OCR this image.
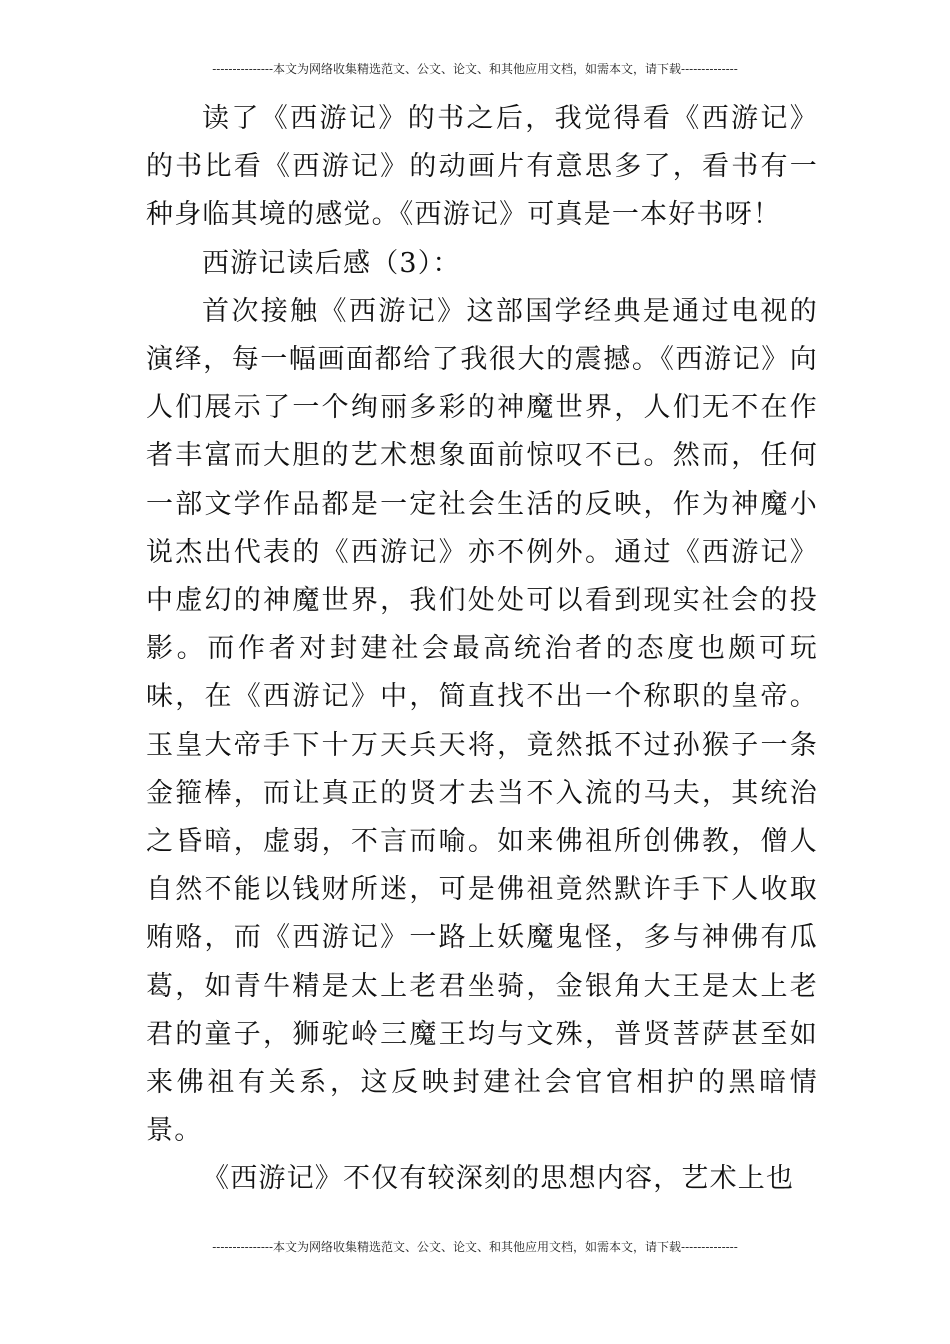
---------------本文为网络收集精选范文、公文、论文、和其他应用文档，如需本文，请下载--------------

读了《西游记》的书之后，我觉得看《西游记》的书比看《西游记》的动画片有意思多了，看书有一种身临其境的感觉。《西游记》可真是一本好书呀！

西游记读后感（3）：

首次接触《西游记》这部国学经典是通过电视的演绎，每一幅画面都给了我很大的震撼。《西游记》向人们展示了一个绚丽多彩的神魔世界，人们无不在作者丰富而大胆的艺术想象面前惊叹不已。然而，任何一部文学作品都是一定社会生活的反映，作为神魔小说杰出代表的《西游记》亦不例外。通过《西游记》中虚幻的神魔世界，我们处处可以看到现实社会的投影。而作者对封建社会最高统治者的态度也颇可玩味，在《西游记》中，简直找不出一个称职的皇帝。玉皇大帝手下十万天兵天将，竟然抵不过孙猴子一条金箍棒，而让真正的贤才去当不入流的马夫，其统治之昏暗，虚弱，不言而喻。如来佛祖所创佛教，僧人自然不能以钱财所迷，可是佛祖竟然默许手下人收取贿赂，而《西游记》一路上妖魔鬼怪，多与神佛有瓜葛，如青牛精是太上老君坐骑，金银角大王是太上老君的童子，狮驼岭三魔王均与文殊，普贤菩萨甚至如来佛祖有关系，这反映封建社会官官相护的黑暗情景。

《西游记》不仅有较深刻的思想内容，艺术上也

---------------本文为网络收集精选范文、公文、论文、和其他应用文档，如需本文，请下载--------------
